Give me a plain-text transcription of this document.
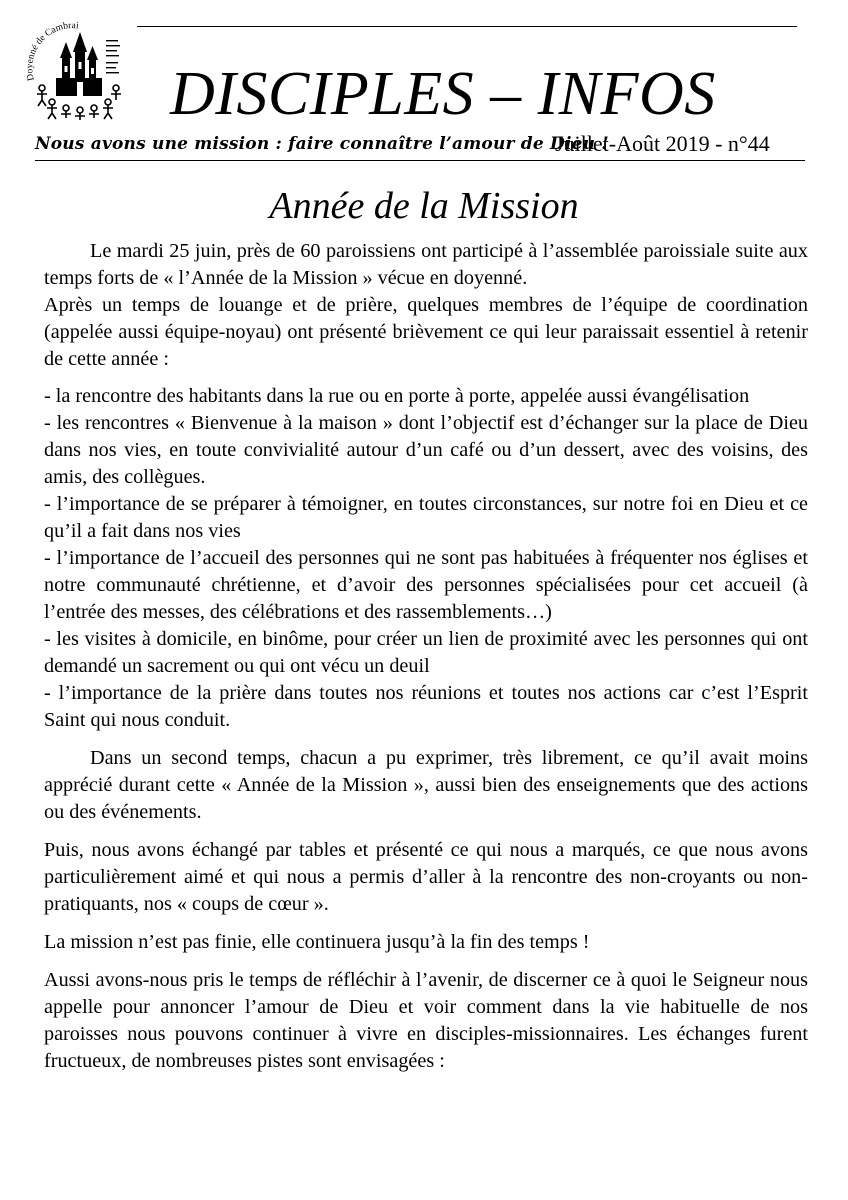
Doyenné de Cambrai
DISCIPLES – INFOS
Nous avons une mission : faire connaître l’amour de Dieu !
Juillet-Août 2019 - n°44
Année de la Mission

Le mardi 25 juin, près de 60 paroissiens ont participé à l’assemblée paroissiale suite aux temps forts de « l’Année de la Mission » vécue en doyenné.

Après un temps de louange et de prière, quelques membres de l’équipe de coordination (appelée aussi équipe-noyau) ont présenté brièvement ce qui leur paraissait essentiel à retenir de cette année :

- la rencontre des habitants dans la rue ou en porte à porte, appelée aussi évangélisation
- les rencontres « Bienvenue à la maison » dont l’objectif est d’échanger sur la place de Dieu dans nos vies, en toute convivialité autour d’un café ou d’un dessert, avec des voisins, des amis, des collègues.
- l’importance de se préparer à témoigner, en toutes circonstances, sur notre foi en Dieu et ce qu’il a fait dans nos vies
- l’importance de l’accueil des personnes qui ne sont pas habituées à fréquenter nos églises et notre communauté chrétienne, et d’avoir des personnes spécialisées pour cet accueil (à l’entrée des messes, des célébrations et des rassemblements…)
- les visites à domicile, en binôme, pour créer un lien de proximité avec les personnes qui ont demandé un sacrement ou qui ont vécu un deuil
- l’importance de la prière dans toutes nos réunions et toutes nos actions car c’est l’Esprit Saint qui nous conduit.

Dans un second temps, chacun a pu exprimer, très librement, ce qu’il avait moins apprécié durant cette « Année de la Mission », aussi bien des enseignements que des actions ou des événements.

Puis, nous avons échangé par tables et présenté ce qui nous a marqués, ce que nous avons particulièrement aimé et qui nous a permis d’aller à la rencontre des non-croyants ou non-pratiquants, nos « coups de cœur ».

La mission n’est pas finie, elle continuera jusqu’à la fin des temps !

Aussi avons-nous pris le temps de réfléchir à l’avenir, de discerner ce à quoi le Seigneur nous appelle pour annoncer l’amour de Dieu et voir comment dans la vie habituelle de nos paroisses nous pouvons continuer à vivre en disciples-missionnaires. Les échanges furent fructueux, de nombreuses pistes sont envisagées :
